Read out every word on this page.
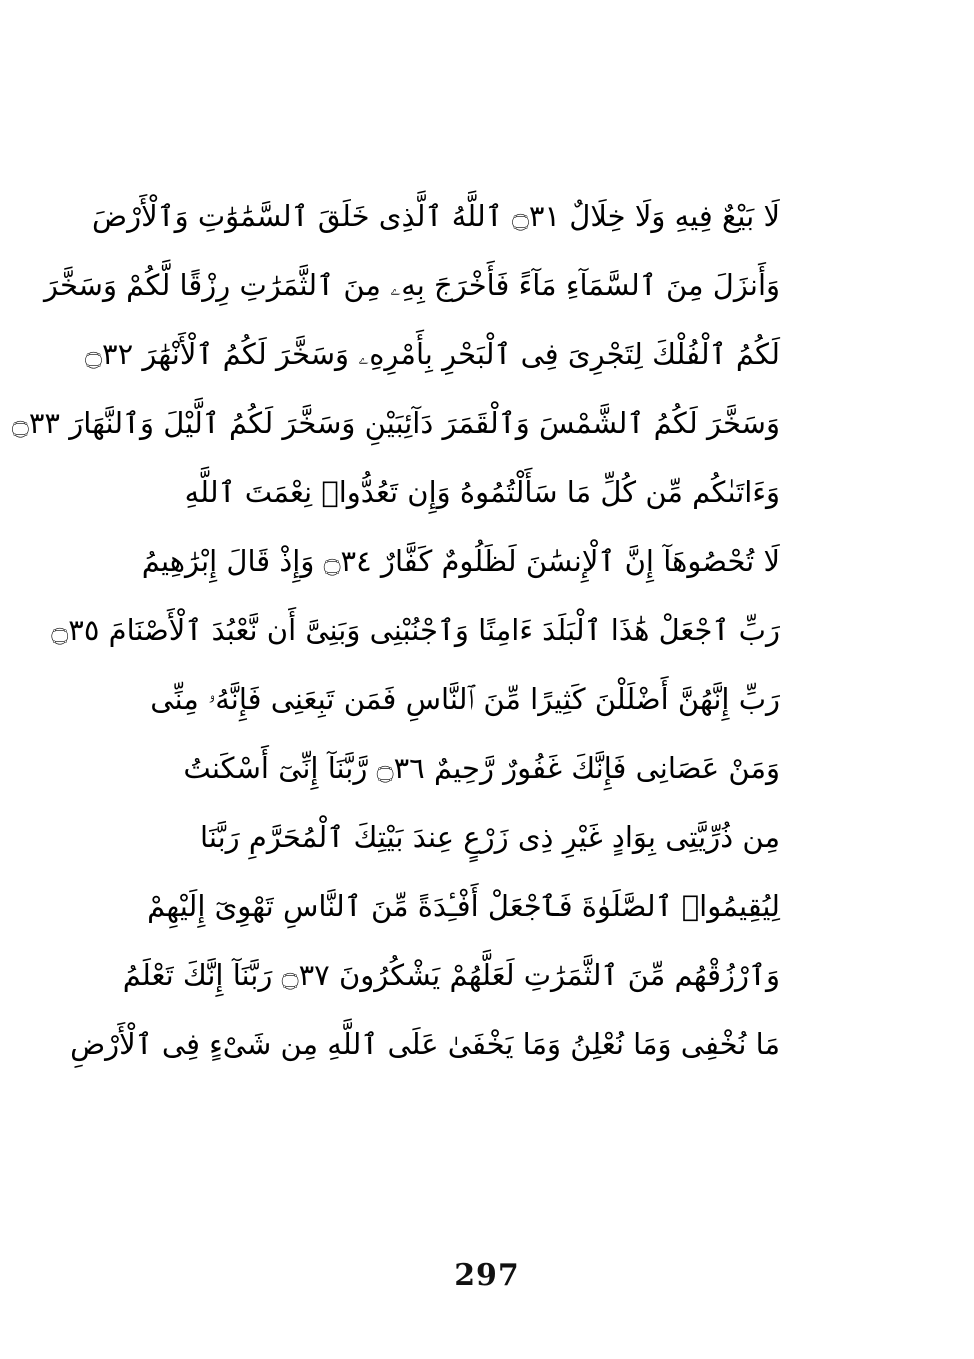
لَا بَيْعٌ فِيهِ وَلَا خِلَالٌ ۝٣١ ٱللَّهُ ٱلَّذِى خَلَقَ ٱلسَّمَٰوَٰتِ وَٱلْأَرْضَ
وَأَنزَلَ مِنَ ٱلسَّمَآءِ مَآءً فَأَخْرَجَ بِهِۦ مِنَ ٱلثَّمَرَٰتِ رِزْقًا لَّكُمْ وَسَخَّرَ
لَكُمُ ٱلْفُلْكَ لِتَجْرِىَ فِى ٱلْبَحْرِ بِأَمْرِهِۦ وَسَخَّرَ لَكُمُ ٱلْأَنْهَٰرَ ۝٣٢
وَسَخَّرَ لَكُمُ ٱلشَّمْسَ وَٱلْقَمَرَ دَآئِبَيْنِ وَسَخَّرَ لَكُمُ ٱلَّيْلَ وَٱلنَّهَارَ ۝٣٣
وَءَاتَىٰكُم مِّن كُلِّ مَا سَأَلْتُمُوهُ وَإِن تَعُدُّوا۟ نِعْمَتَ ٱللَّهِ
لَا تُحْصُوهَآ إِنَّ ٱلْإِنسَٰنَ لَظَلُومٌ كَفَّارٌ ۝٣٤ وَإِذْ قَالَ إِبْرَٰهِيمُ
رَبِّ ٱجْعَلْ هَٰذَا ٱلْبَلَدَ ءَامِنًا وَٱجْنُبْنِى وَبَنِىَّ أَن نَّعْبُدَ ٱلْأَصْنَامَ ۝٣٥
رَبِّ إِنَّهُنَّ أَضْلَلْنَ كَثِيرًا مِّنَ ٱلنَّاسِ فَمَن تَبِعَنِى فَإِنَّهُۥ مِنِّى
وَمَنْ عَصَانِى فَإِنَّكَ غَفُورٌ رَّحِيمٌ ۝٣٦ رَّبَّنَآ إِنِّىٓ أَسْكَنتُ
مِن ذُرِّيَّتِى بِوَادٍ غَيْرِ ذِى زَرْعٍ عِندَ بَيْتِكَ ٱلْمُحَرَّمِ رَبَّنَا
لِيُقِيمُوا۟ ٱلصَّلَوٰةَ فَٱجْعَلْ أَفْـِٔدَةً مِّنَ ٱلنَّاسِ تَهْوِىٓ إِلَيْهِمْ
وَٱرْزُقْهُم مِّنَ ٱلثَّمَرَٰتِ لَعَلَّهُمْ يَشْكُرُونَ ۝٣٧ رَبَّنَآ إِنَّكَ تَعْلَمُ
مَا نُخْفِى وَمَا نُعْلِنُ وَمَا يَخْفَىٰ عَلَى ٱللَّهِ مِن شَىْءٍ فِى ٱلْأَرْضِ
297
